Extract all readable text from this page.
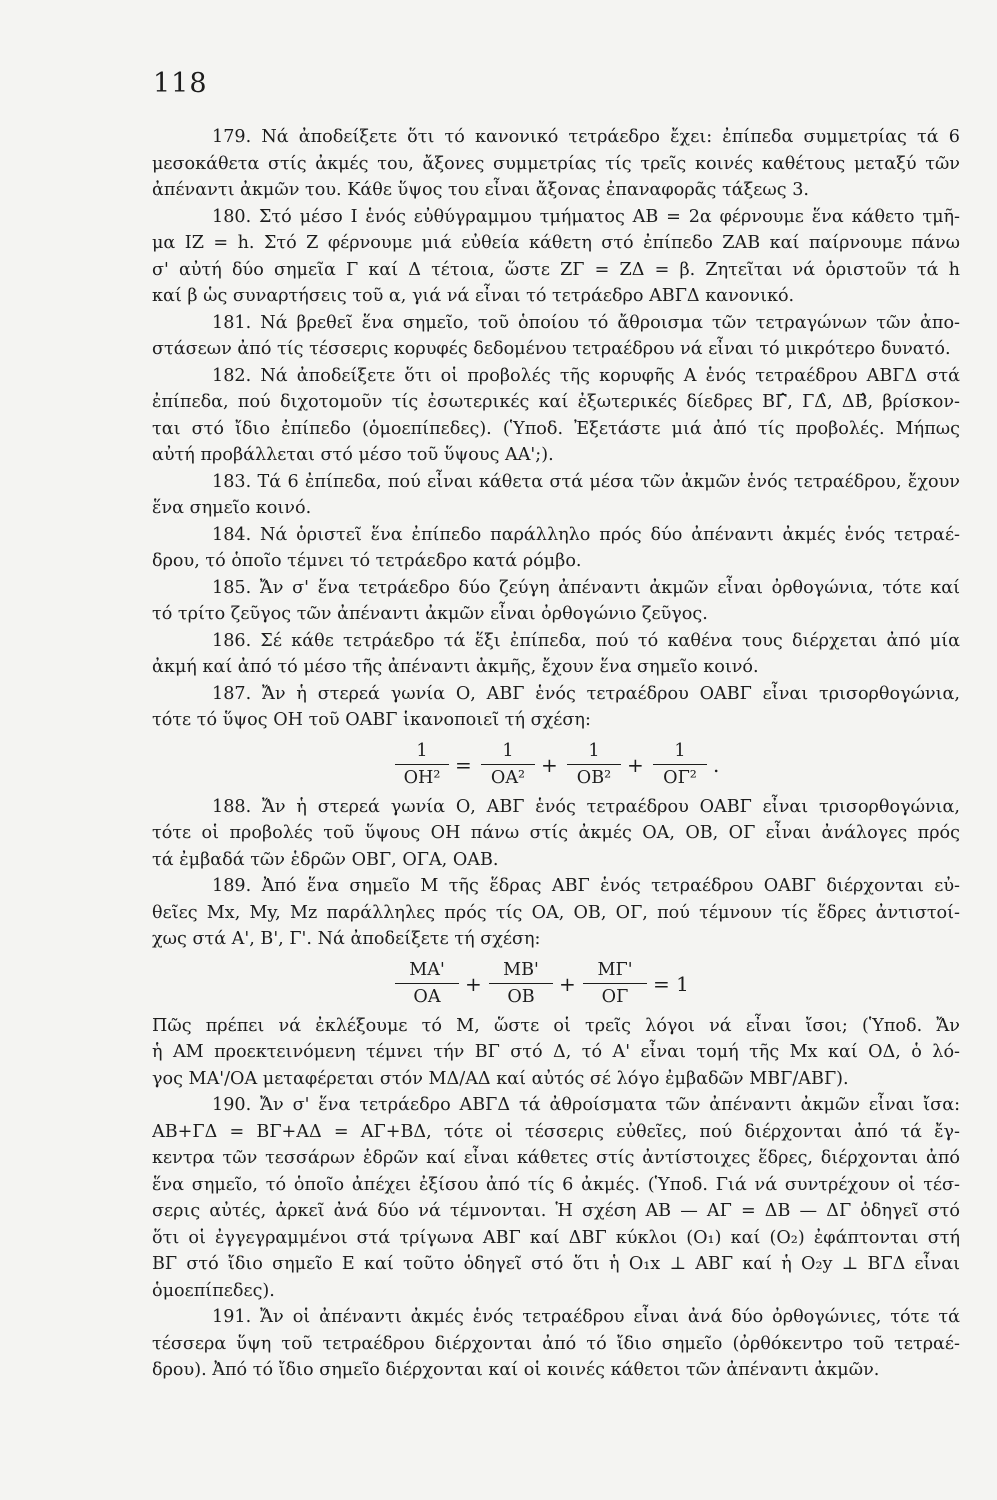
118
179. Νά ἀποδείξετε ὅτι τό κανονικό τετράεδρο ἔχει: ἐπίπεδα συμμετρίας τά 6
μεσοκάθετα στίς ἀκμές του, ἄξονες συμμετρίας τίς τρεῖς κοινές καθέτους μεταξύ τῶν
ἀπέναντι ἀκμῶν του. Κάθε ὕψος του εἶναι ἄξονας ἐπαναφορᾶς τάξεως 3.
180. Στό μέσο Ι ἑνός εὐθύγραμμου τμήματος ΑΒ = 2α φέρνουμε ἕνα κάθετο τμῆ-
μα ΙΖ = h. Στό Ζ φέρνουμε μιά εὐθεία κάθετη στό ἐπίπεδο ΖΑΒ καί παίρνουμε πάνω
σ' αὐτή δύο σημεῖα Γ καί Δ τέτοια, ὥστε ΖΓ = ΖΔ = β. Ζητεῖται νά ὁριστοῦν τά h
καί β ὡς συναρτήσεις τοῦ α, γιά νά εἶναι τό τετράεδρο ΑΒΓΔ κανονικό.
181. Νά βρεθεῖ ἕνα σημεῖο, τοῦ ὁποίου τό ἄθροισμα τῶν τετραγώνων τῶν ἀπο-
στάσεων ἀπό τίς τέσσερις κορυφές δεδομένου τετραέδρου νά εἶναι τό μικρότερο δυνατό.
182. Νά ἀποδείξετε ὅτι οἱ προβολές τῆς κορυφῆς Α ἑνός τετραέδρου ΑΒΓΔ στά
ἐπίπεδα, πού διχοτομοῦν τίς ἐσωτερικές καί ἐξωτερικές δίεδρες ΒΓ̂, ΓΔ̂, ΔΒ̂, βρίσκον-
ται στό ἴδιο ἐπίπεδο (ὁμοεπίπεδες). (Ὑποδ. Ἐξετάστε μιά ἀπό τίς προβολές. Μήπως
αὐτή προβάλλεται στό μέσο τοῦ ὕψους ΑΑ';).
183. Τά 6 ἐπίπεδα, πού εἶναι κάθετα στά μέσα τῶν ἀκμῶν ἑνός τετραέδρου, ἔχουν
ἕνα σημεῖο κοινό.
184. Νά ὁριστεῖ ἕνα ἐπίπεδο παράλληλο πρός δύο ἀπέναντι ἀκμές ἑνός τετραέ-
δρου, τό ὁποῖο τέμνει τό τετράεδρο κατά ρόμβο.
185. Ἄν σ' ἕνα τετράεδρο δύο ζεύγη ἀπέναντι ἀκμῶν εἶναι ὀρθογώνια, τότε καί
τό τρίτο ζεῦγος τῶν ἀπέναντι ἀκμῶν εἶναι ὀρθογώνιο ζεῦγος.
186. Σέ κάθε τετράεδρο τά ἕξι ἐπίπεδα, πού τό καθένα τους διέρχεται ἀπό μία
ἀκμή καί ἀπό τό μέσο τῆς ἀπέναντι ἀκμῆς, ἔχουν ἕνα σημεῖο κοινό.
187. Ἄν ἡ στερεά γωνία Ο, ΑΒΓ ἑνός τετραέδρου ΟΑΒΓ εἶναι τρισορθογώνια,
τότε τό ὕψος ΟΗ τοῦ ΟΑΒΓ ἱκανοποιεῖ τή σχέση:
$\frac{1}{\text{ΟΗ²}} = \frac{1}{\text{ΟΑ²}} + \frac{1}{\text{ΟΒ²}} + \frac{1}{\text{ΟΓ²}}$ .
188. Ἄν ἡ στερεά γωνία Ο, ΑΒΓ ἑνός τετραέδρου ΟΑΒΓ εἶναι τρισορθογώνια,
τότε οἱ προβολές τοῦ ὕψους ΟΗ πάνω στίς ἀκμές ΟΑ, ΟΒ, ΟΓ εἶναι ἀνάλογες πρός
τά ἐμβαδά τῶν ἑδρῶν ΟΒΓ, ΟΓΑ, ΟΑΒ.
189. Ἀπό ἕνα σημεῖο Μ τῆς ἕδρας ΑΒΓ ἑνός τετραέδρου ΟΑΒΓ διέρχονται εὐ-
θεῖες Μx, My, Mz παράλληλες πρός τίς ΟΑ, ΟΒ, ΟΓ, πού τέμνουν τίς ἕδρες ἀντιστοί-
χως στά Α', Β', Γ'. Νά ἀποδείξετε τή σχέση:
$\frac{MA'}{OA} + \frac{MB'}{OB} + \frac{M\Gamma'}{O\Gamma} = 1$
Πῶς πρέπει νά ἐκλέξουμε τό Μ, ὥστε οἱ τρεῖς λόγοι νά εἶναι ἴσοι; (Ὑποδ. Ἄν
ἡ ΑΜ προεκτεινόμενη τέμνει τήν ΒΓ στό Δ, τό Α' εἶναι τομή τῆς Μx καί ΟΔ, ὁ λό-
γος ΜΑ'/ΟΑ μεταφέρεται στόν ΜΔ/ΑΔ καί αὐτός σέ λόγο ἐμβαδῶν ΜΒΓ/ΑΒΓ).
190. Ἄν σ' ἕνα τετράεδρο ΑΒΓΔ τά ἀθροίσματα τῶν ἀπέναντι ἀκμῶν εἶναι ἴσα:
ΑΒ+ΓΔ = ΒΓ+ΑΔ = ΑΓ+ΒΔ, τότε οἱ τέσσερις εὐθεῖες, πού διέρχονται ἀπό τά ἔγ-
κεντρα τῶν τεσσάρων ἑδρῶν καί εἶναι κάθετες στίς ἀντίστοιχες ἕδρες, διέρχονται ἀπό
ἕνα σημεῖο, τό ὁποῖο ἀπέχει ἐξίσου ἀπό τίς 6 ἀκμές. (Ὑποδ. Γιά νά συντρέχουν οἱ τέσ-
σερις αὐτές, ἀρκεῖ ἀνά δύο νά τέμνονται. Ἡ σχέση ΑΒ — ΑΓ = ΔΒ — ΔΓ ὁδηγεῖ στό
ὅτι οἱ ἐγγεγραμμένοι στά τρίγωνα ΑΒΓ καί ΔΒΓ κύκλοι (Ο₁) καί (Ο₂) ἐφάπτονται στή
ΒΓ στό ἴδιο σημεῖο Ε καί τοῦτο ὁδηγεῖ στό ὅτι ἡ Ο₁x ⊥ ΑΒΓ καί ἡ Ο₂y ⊥ ΒΓΔ εἶναι
ὁμοεπίπεδες).
191. Ἄν οἱ ἀπέναντι ἀκμές ἑνός τετραέδρου εἶναι ἀνά δύο ὀρθογώνιες, τότε τά
τέσσερα ὕψη τοῦ τετραέδρου διέρχονται ἀπό τό ἴδιο σημεῖο (ὀρθόκεντρο τοῦ τετραέ-
δρου). Ἀπό τό ἴδιο σημεῖο διέρχονται καί οἱ κοινές κάθετοι τῶν ἀπέναντι ἀκμῶν.
